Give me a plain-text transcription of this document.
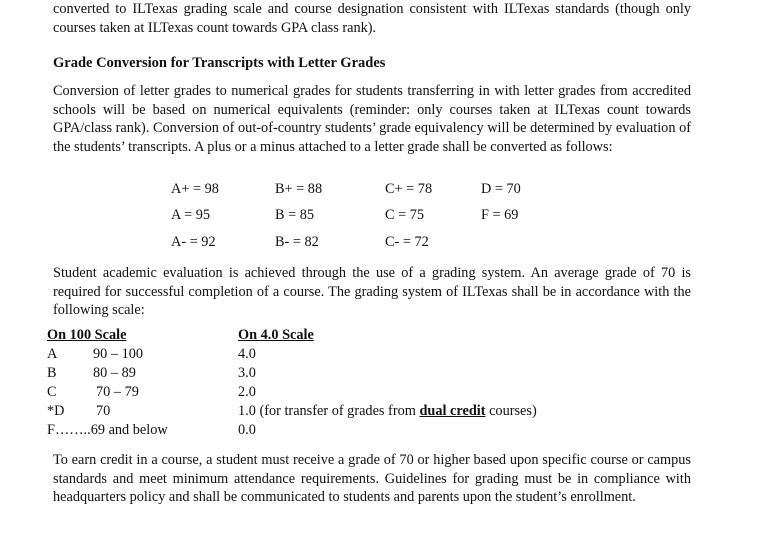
converted to ILTexas grading scale and course designation consistent with ILTexas standards (though only courses taken at ILTexas count towards GPA class rank).

Grade Conversion for Transcripts with Letter Grades

Conversion of letter grades to numerical grades for students transferring in with letter grades from accredited schools will be based on numerical equivalents (reminder: only courses taken at ILTexas count towards GPA/class rank). Conversion of out-of-country students’ grade equivalency will be determined by evaluation of the students’ transcripts. A plus or a minus attached to a letter grade shall be converted as follows:

A+ = 98	B+ = 88	C+ = 78	D = 70
A = 95	B = 85	C = 75	F = 69
A- = 92	B- = 82	C- = 72

Student academic evaluation is achieved through the use of a grading system. An average grade of 70 is required for successful completion of a course. The grading system of ILTexas shall be in accordance with the following scale:

On 100 Scale	On 4.0 Scale
A 90 – 100	4.0
B	80 – 89	3.0
C	70 – 79	2.0
*D 70	1.0 (for transfer of grades from dual credit courses)
F……..69 and below	0.0

To earn credit in a course, a student must receive a grade of 70 or higher based upon specific course or campus standards and meet minimum attendance requirements. Guidelines for grading must be in compliance with headquarters policy and shall be communicated to students and parents upon the student’s enrollment.
